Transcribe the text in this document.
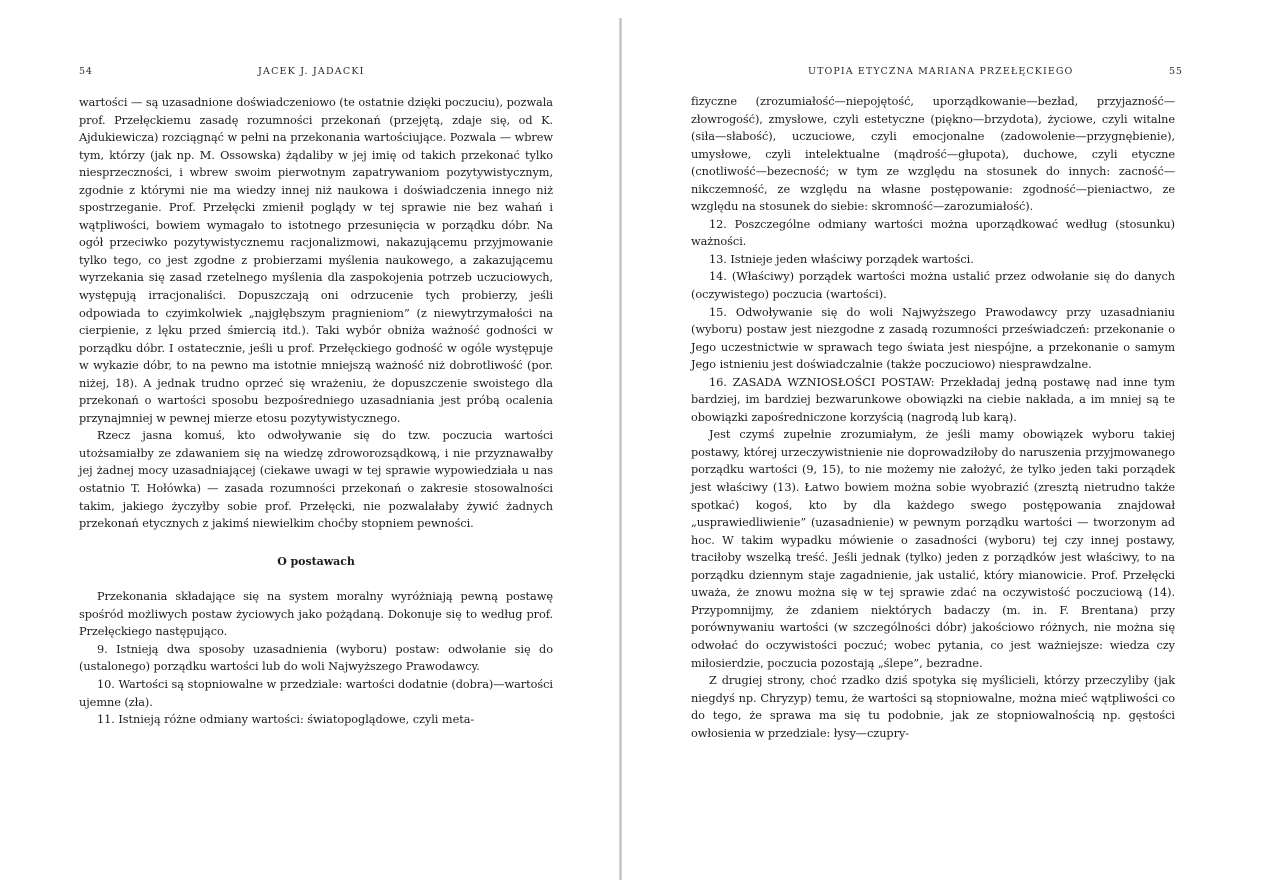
54	JACEK J. JADACKI

wartości — są uzasadnione doświadczeniowo (te ostatnie dzięki poczuciu), pozwala prof. Przełęckiemu zasadę rozumności przekonań (przejętą, zdaje się, od K. Ajdukiewicza) rozciągnąć w pełni na przekonania wartościujące. Pozwala — wbrew tym, którzy (jak np. M. Ossowska) żądaliby w jej imię od takich przekonać tylko niesprzeczności, i wbrew swoim pierwotnym zapatrywaniom pozytywistycznym, zgodnie z którymi nie ma wiedzy innej niż naukowa i doświadczenia innego niż spostrzeganie. Prof. Przełęcki zmienił poglądy w tej sprawie nie bez wahań i wątpliwości, bowiem wymagało to istotnego przesunięcia w porządku dóbr. Na ogół przeciwko pozytywistycznemu racjonalizmowi, nakazującemu przyjmowanie tylko tego, co jest zgodne z probierzami myślenia naukowego, a zakazującemu wyrzekania się zasad rzetelnego myślenia dla zaspokojenia potrzeb uczuciowych, występują irracjonaliści. Dopuszczają oni odrzucenie tych probierzy, jeśli odpowiada to czyimkolwiek „najgłębszym pragnieniom” (z niewytrzymałości na cierpienie, z lęku przed śmiercią itd.). Taki wybór obniża ważność godności w porządku dóbr. I ostatecznie, jeśli u prof. Przełęckiego godność w ogóle występuje w wykazie dóbr, to na pewno ma istotnie mniejszą ważność niż dobrotliwość (por. niżej, 18). A jednak trudno oprzeć się wrażeniu, że dopuszczenie swoistego dla przekonań o wartości sposobu bezpośredniego uzasadniania jest próbą ocalenia przynajmniej w pewnej mierze etosu pozytywistycznego.

Rzecz jasna komuś, kto odwoływanie się do tzw. poczucia wartości utożsamiałby ze zdawaniem się na wiedzę zdroworozsądkową, i nie przyznawałby jej żadnej mocy uzasadniającej (ciekawe uwagi w tej sprawie wypowiedziała u nas ostatnio T. Hołówka) — zasada rozumności przekonań o zakresie stosowalności takim, jakiego życzyłby sobie prof. Przełęcki, nie pozwalałaby żywić żadnych przekonań etycznych z jakimś niewielkim choćby stopniem pewności.

O postawach

Przekonania składające się na system moralny wyróżniają pewną postawę spośród możliwych postaw życiowych jako pożądaną. Dokonuje się to według prof. Przełęckiego następująco.

9. Istnieją dwa sposoby uzasadnienia (wyboru) postaw: odwołanie się do (ustalonego) porządku wartości lub do woli Najwyższego Prawodawcy.

10. Wartości są stopniowalne w przedziale: wartości dodatnie (dobra)—wartości ujemne (zła).

11. Istnieją różne odmiany wartości: światopoglądowe, czyli meta-

UTOPIA ETYCZNA MARIANA PRZEŁĘCKIEGO	55

fizyczne (zrozumiałość—niepojętość, uporządkowanie—bezład, przyjazność—złowrogość), zmysłowe, czyli estetyczne (piękno—brzydota), życiowe, czyli witalne (siła—słabość), uczuciowe, czyli emocjonalne (zadowolenie—przygnębienie), umysłowe, czyli intelektualne (mądrość—głupota), duchowe, czyli etyczne (cnotliwość—bezecność; w tym ze względu na stosunek do innych: zacność—nikczemność, ze względu na własne postępowanie: zgodność—pieniactwo, ze względu na stosunek do siebie: skromność—zarozumiałość).

12. Poszczególne odmiany wartości można uporządkować według (stosunku) ważności.

13. Istnieje jeden właściwy porządek wartości.

14. (Właściwy) porządek wartości można ustalić przez odwołanie się do danych (oczywistego) poczucia (wartości).

15. Odwoływanie się do woli Najwyższego Prawodawcy przy uzasadnianiu (wyboru) postaw jest niezgodne z zasadą rozumności przeświadczeń: przekonanie o Jego uczestnictwie w sprawach tego świata jest niespójne, a przekonanie o samym Jego istnieniu jest doświadczalnie (także poczuciowo) niesprawdzalne.

16. ZASADA WZNIOSŁOŚCI POSTAW: Przekładaj jedną postawę nad inne tym bardziej, im bardziej bezwarunkowe obowiązki na ciebie nakłada, a im mniej są te obowiązki zapośredniczone korzyścią (nagrodą lub karą).

Jest czymś zupełnie zrozumiałym, że jeśli mamy obowiązek wyboru takiej postawy, której urzeczywistnienie nie doprowadziłoby do naruszenia przyjmowanego porządku wartości (9, 15), to nie możemy nie założyć, że tylko jeden taki porządek jest właściwy (13). Łatwo bowiem można sobie wyobrazić (zresztą nietrudno także spotkać) kogoś, kto by dla każdego swego postępowania znajdował „usprawiedliwienie” (uzasadnienie) w pewnym porządku wartości — tworzonym ad hoc. W takim wypadku mówienie o zasadności (wyboru) tej czy innej postawy, traciłoby wszelką treść. Jeśli jednak (tylko) jeden z porządków jest właściwy, to na porządku dziennym staje zagadnienie, jak ustalić, który mianowicie. Prof. Przełęcki uważa, że znowu można się w tej sprawie zdać na oczywistość poczuciową (14). Przypomnijmy, że zdaniem niektórych badaczy (m. in. F. Brentana) przy porównywaniu wartości (w szczególności dóbr) jakościowo różnych, nie można się odwołać do oczywistości poczuć; wobec pytania, co jest ważniejsze: wiedza czy miłosierdzie, poczucia pozostają „ślepe”, bezradne.

Z drugiej strony, choć rzadko dziś spotyka się myślicieli, którzy przeczyliby (jak niegdyś np. Chryzyp) temu, że wartości są stopniowalne, można mieć wątpliwości co do tego, że sprawa ma się tu podobnie, jak ze stopniowalnością np. gęstości owłosienia w przedziale: łysy—czupry-
